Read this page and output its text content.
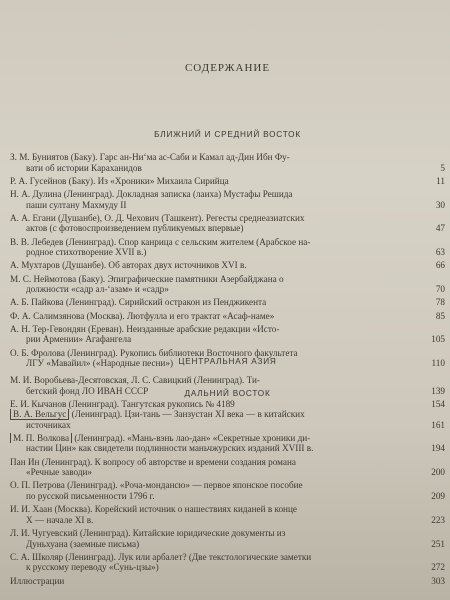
СОДЕРЖАНИЕ
БЛИЖНИЙ И СРЕДНИЙ ВОСТОК
З. М. Буниятов (Баку). Гарс ан-Ни‘ма ас-Саби и Камал ад-Дин Ибн Фу-
вати об истории Караханидов	5
Р. А. Гусейнов (Баку). Из «Хроники» Михаила Сирийца	11
Н. А. Дулина (Ленинград). Докладная записка (лаиха) Мустафы Решида
паши султану Махмуду II	30
А. А. Егани (Душанбе), О. Д. Чехович (Ташкент). Регесты среднеазиатских
актов (с фотовоспроизведением публикуемых впервые)	47
В. В. Лебедев (Ленинград). Спор канрица с сельским жителем (Арабское на-
родное стихотворение XVII в.)	63
А. Мухтаров (Душанбе). Об авторах двух источников XVI в.	66
М. С. Неймотова (Баку). Эпиграфические памятники Азербайджана о
должности «садр ал-‘азам» и «садр»	70
А. Б. Пайкова (Ленинград). Сирийский остракон из Пенджикента	78
Ф. А. Салимзянова (Москва). Лютфулла и его трактат «Асаф-наме»	85
А. Н. Тер-Гевондян (Ереван). Неизданные арабские редакции «Исто-
рии Армении» Агафангела	105
О. Б. Фролова (Ленинград). Рукопись библиотеки Восточного факультета
ЛГУ «Мавайил» («Народные песни»)	110
ЦЕНТРАЛЬНАЯ АЗИЯ
М. И. Воробьева-Десятовская, Л. С. Савицкий (Ленинград). Ти-
бетский фонд ЛО ИВАН СССР	139
Е. И. Кычанов (Ленинград). Тангутская рукопись № 4189	154
ДАЛЬНИЙ ВОСТОК
В. А. Вельгус (Ленинград). Цзи-тань — Занзустан XI века — в китайских
источниках	161
М. П. Волкова (Ленинград). «Мань-вэнь лао-дан» «Секретные хроники ди-
настии Цин» как свидетели подлинности маньчжурских изданий XVIII в.	194
Пан Ин (Ленинград). К вопросу об авторстве и времени создания романа
«Речные заводи»	200
О. П. Петрова (Ленинград). «Роча-мондансю» — первое японское пособие
по русской письменности 1796 г.	209
И. И. Хаан (Москва). Корейский источник о нашествиях киданей в конце
X — начале XI в.	223
Л. И. Чугуевский (Ленинград). Китайские юридические документы из
Дуньхуана (заемные письма)	251
С. А. Школяр (Ленинград). Лук или арбалет? (Две текстологические заметки
к русскому переводу «Сунь-цзы»)	272
Иллюстрации	303
